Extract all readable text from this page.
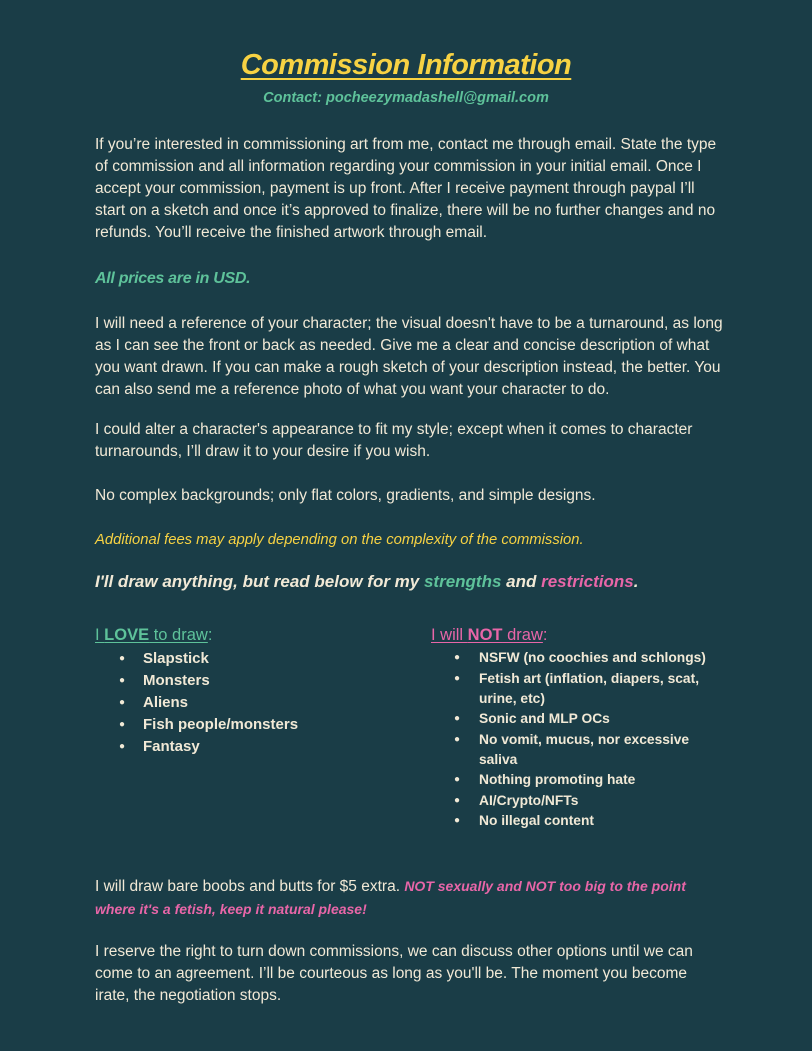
Commission Information
Contact: pocheezymadashell@gmail.com

If you’re interested in commissioning art from me, contact me through email. State the type of commission and all information regarding your commission in your initial email. Once I accept your commission, payment is up front. After I receive payment through paypal I’ll start on a sketch and once it’s approved to finalize, there will be no further changes and no refunds. You’ll receive the finished artwork through email.

All prices are in USD.

I will need a reference of your character; the visual doesn't have to be a turnaround, as long as I can see the front or back as needed. Give me a clear and concise description of what you want drawn. If you can make a rough sketch of your description instead, the better. You can also send me a reference photo of what you want your character to do.

I could alter a character's appearance to fit my style; except when it comes to character turnarounds, I’ll draw it to your desire if you wish.

No complex backgrounds; only flat colors, gradients, and simple designs.

Additional fees may apply depending on the complexity of the commission.

I'll draw anything, but read below for my strengths and restrictions.

I LOVE to draw:
● Slapstick
● Monsters
● Aliens
● Fish people/monsters
● Fantasy
I will NOT draw:
● NSFW (no coochies and schlongs)
● Fetish art (inflation, diapers, scat, urine, etc)
● Sonic and MLP OCs
● No vomit, mucus, nor excessive saliva
● Nothing promoting hate
● AI/Crypto/NFTs
● No illegal content

I will draw bare boobs and butts for $5 extra. NOT sexually and NOT too big to the point where it's a fetish, keep it natural please!

I reserve the right to turn down commissions, we can discuss other options until we can come to an agreement. I’ll be courteous as long as you'll be. The moment you become irate, the negotiation stops.
